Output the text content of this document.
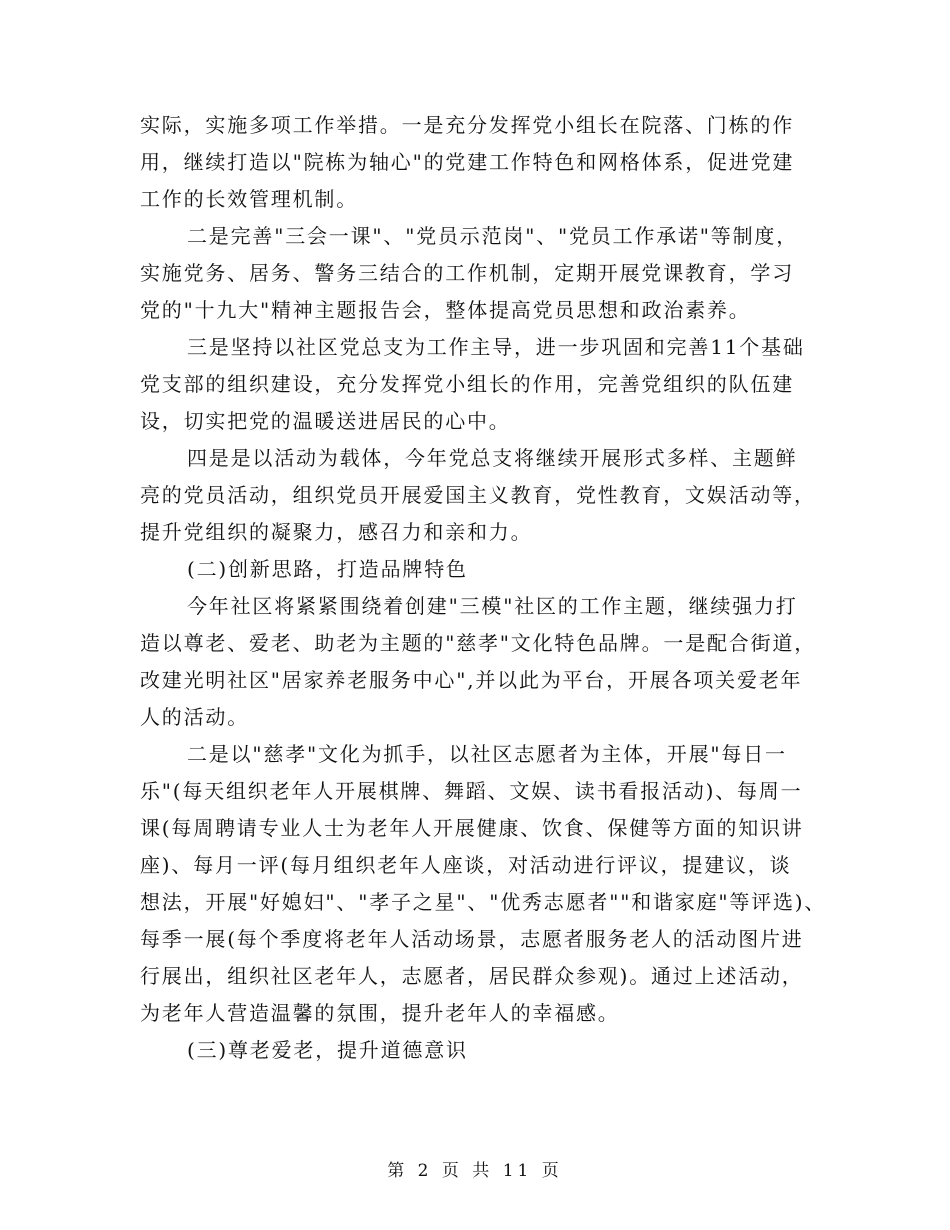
实际，实施多项工作举措。一是充分发挥党小组长在院落、门栋的作
用，继续打造以"院栋为轴心"的党建工作特色和网格体系，促进党建
工作的长效管理机制。
二是完善"三会一课"、"党员示范岗"、"党员工作承诺"等制度，
实施党务、居务、警务三结合的工作机制，定期开展党课教育，学习
党的"十九大"精神主题报告会，整体提高党员思想和政治素养。
三是坚持以社区党总支为工作主导，进一步巩固和完善11个基础
党支部的组织建设，充分发挥党小组长的作用，完善党组织的队伍建
设，切实把党的温暖送进居民的心中。
四是是以活动为载体，今年党总支将继续开展形式多样、主题鲜
亮的党员活动，组织党员开展爱国主义教育，党性教育，文娱活动等，
提升党组织的凝聚力，感召力和亲和力。
(二)创新思路，打造品牌特色
今年社区将紧紧围绕着创建"三模"社区的工作主题，继续强力打
造以尊老、爱老、助老为主题的"慈孝"文化特色品牌。一是配合街道，
改建光明社区"居家养老服务中心",并以此为平台，开展各项关爱老年
人的活动。
二是以"慈孝"文化为抓手，以社区志愿者为主体，开展"每日一
乐"(每天组织老年人开展棋牌、舞蹈、文娱、读书看报活动)、每周一
课(每周聘请专业人士为老年人开展健康、饮食、保健等方面的知识讲
座)、每月一评(每月组织老年人座谈，对活动进行评议，提建议，谈
想法，开展"好媳妇"、"孝子之星"、"优秀志愿者""和谐家庭"等评选)、
每季一展(每个季度将老年人活动场景，志愿者服务老人的活动图片进
行展出，组织社区老年人，志愿者，居民群众参观)。通过上述活动，
为老年人营造温馨的氛围，提升老年人的幸福感。
(三)尊老爱老，提升道德意识
第 2 页 共 11 页
